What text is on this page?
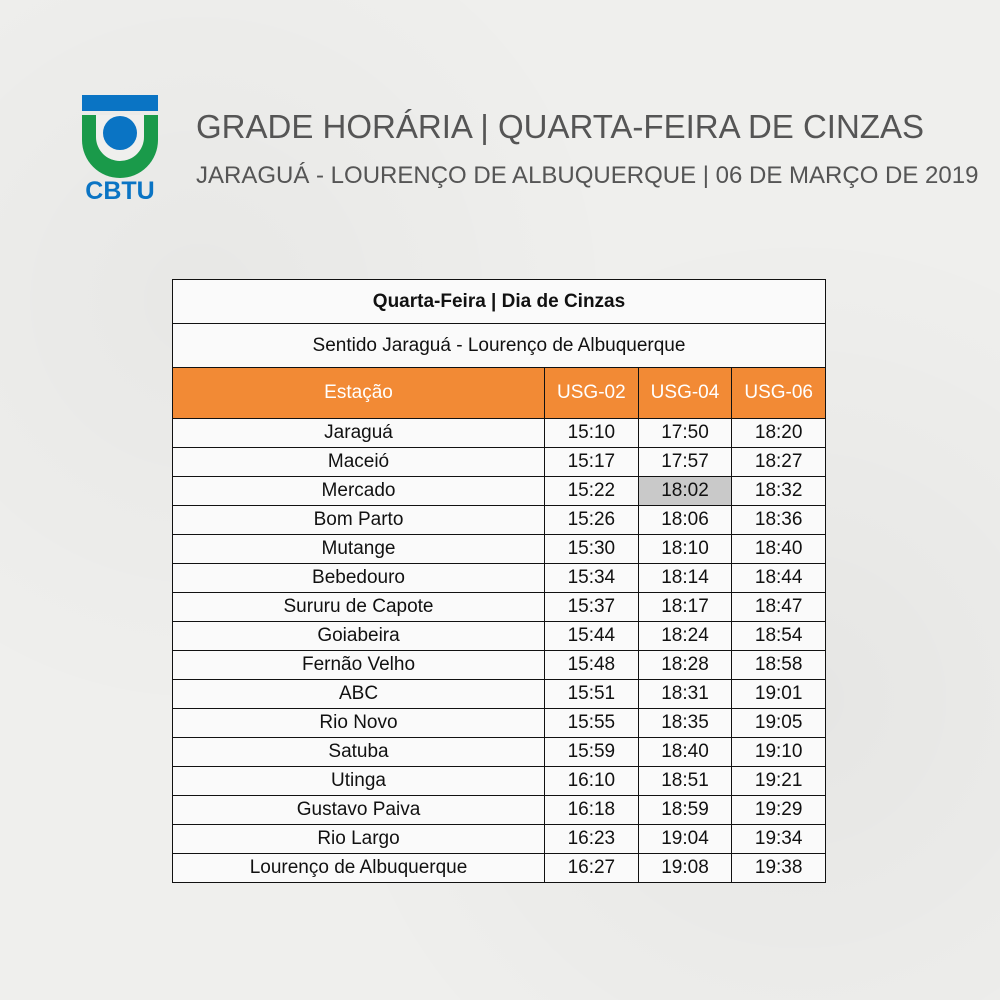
CBTU
GRADE HORÁRIA | QUARTA-FEIRA DE CINZAS
JARAGUÁ - LOURENÇO DE ALBUQUERQUE | 06 DE MARÇO DE 2019
Quarta-Feira | Dia de Cinzas			
Sentido Jaraguá - Lourenço de Albuquerque			
Estação	USG-02	USG-04	USG-06
Jaraguá	15:10	17:50	18:20
Maceió	15:17	17:57	18:27
Mercado	15:22	18:02	18:32
Bom Parto	15:26	18:06	18:36
Mutange	15:30	18:10	18:40
Bebedouro	15:34	18:14	18:44
Sururu de Capote	15:37	18:17	18:47
Goiabeira	15:44	18:24	18:54
Fernão Velho	15:48	18:28	18:58
ABC	15:51	18:31	19:01
Rio Novo	15:55	18:35	19:05
Satuba	15:59	18:40	19:10
Utinga	16:10	18:51	19:21
Gustavo Paiva	16:18	18:59	19:29
Rio Largo	16:23	19:04	19:34
Lourenço de Albuquerque	16:27	19:08	19:38
